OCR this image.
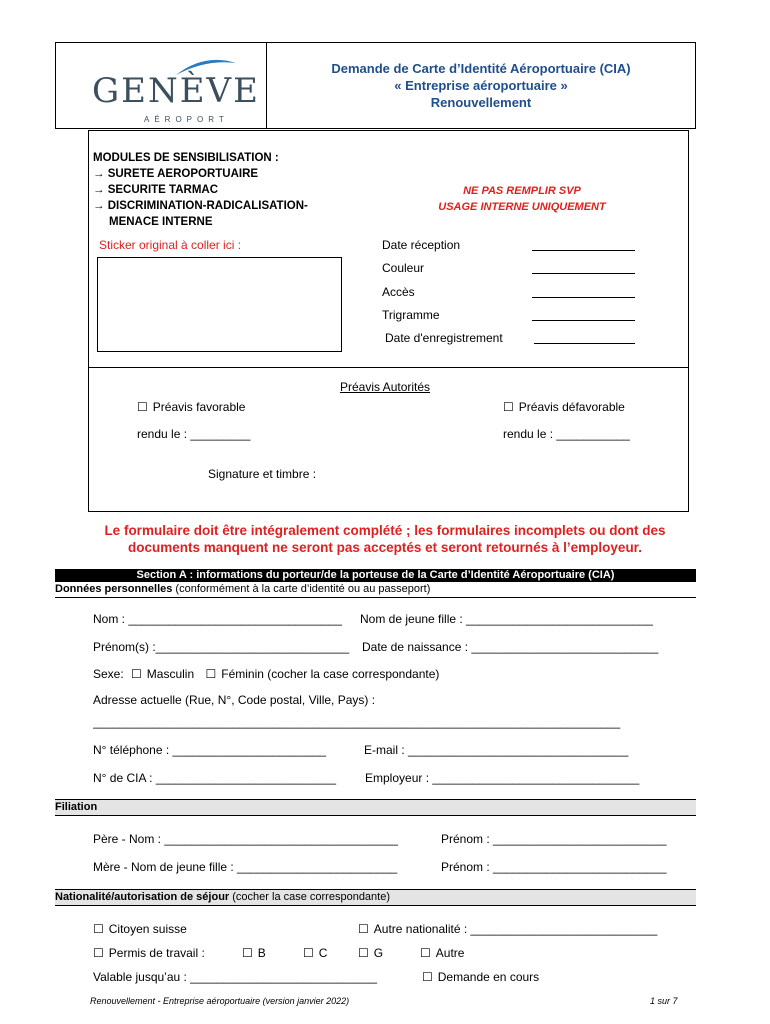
GENÈVE
AÉROPORT
Demande de Carte d’Identité Aéroportuaire (CIA)
« Entreprise aéroportuaire »
Renouvellement
MODULES DE SENSIBILISATION :
→ SURETE AEROPORTUAIRE
→ SECURITE TARMAC
→ DISCRIMINATION-RADICALISATION-
MENACE INTERNE
NE PAS REMPLIR SVP
USAGE INTERNE UNIQUEMENT
Sticker original à coller ici :	Date réception
Couleur
Accès
Trigramme
Date d'enregistrement
Préavis Autorités
☐ Préavis favorable	☐ Préavis défavorable
rendu le : _________	rendu le : ___________
Signature et timbre :
Le formulaire doit être intégralement complété ; les formulaires incomplets ou dont des
documents manquent ne seront pas acceptés et seront retournés à l’employeur.
Section A : informations du porteur/de la porteuse de la Carte d’Identité Aéroportuaire (CIA)
Données personnelles (conformément à la carte d’identité ou au passeport)
Nom : ________________________________ Nom de jeune fille : ____________________________
Prénom(s) :_____________________________ Date de naissance : ____________________________
Sexe: ☐ Masculin ☐ Féminin (cocher la case correspondante)
Adresse actuelle (Rue, N°, Code postal, Ville, Pays) :
_______________________________________________________________________________
N° téléphone : _______________________	E-mail : _________________________________
N° de CIA : ___________________________ Employeur : _______________________________
Filiation
Père - Nom : ___________________________________	Prénom : __________________________
Mère - Nom de jeune fille : ________________________	Prénom : __________________________
Nationalité/autorisation de séjour (cocher la case correspondante)
☐ Citoyen suisse	☐ Autre nationalité : ____________________________
☐ Permis de travail :	☐ B	☐ C	☐ G	☐ Autre
Valable jusqu’au : ____________________________	☐ Demande en cours
Renouvellement - Entreprise aéroportuaire (version janvier 2022)	1 sur 7
